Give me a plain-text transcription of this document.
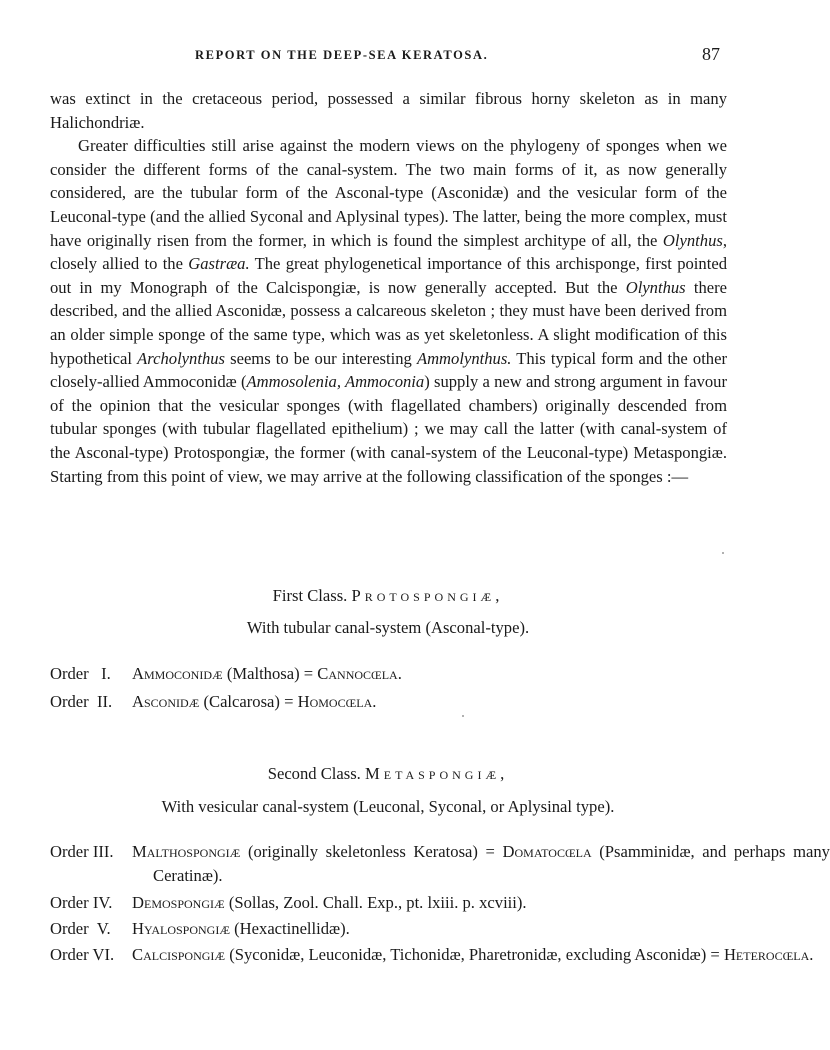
REPORT ON THE DEEP-SEA KERATOSA.	87

was extinct in the cretaceous period, possessed a similar fibrous horny skeleton as in many Halichondriæ.

Greater difficulties still arise against the modern views on the phylogeny of sponges when we consider the different forms of the canal-system. The two main forms of it, as now generally considered, are the tubular form of the Asconal-type (Asconidæ) and the vesicular form of the Leuconal-type (and the allied Syconal and Aplysinal types). The latter, being the more complex, must have originally risen from the former, in which is found the simplest architype of all, the Olynthus, closely allied to the Gastræa. The great phylogenetical importance of this archisponge, first pointed out in my Monograph of the Calcispongiæ, is now generally accepted. But the Olynthus there described, and the allied Asconidæ, possess a calcareous skeleton ; they must have been derived from an older simple sponge of the same type, which was as yet skeletonless. A slight modification of this hypothetical Archolynthus seems to be our interesting Ammolynthus. This typical form and the other closely-allied Ammoconidæ (Ammosolenia, Ammoconia) supply a new and strong argument in favour of the opinion that the vesicular sponges (with flagellated chambers) originally descended from tubular sponges (with tubular flagellated epithelium) ; we may call the latter (with canal-system of the Asconal-type) Protospongiæ, the former (with canal-system of the Leuconal-type) Metaspongiæ. Starting from this point of view, we may arrive at the following classification of the sponges :—

First Class. Protospongiæ,
With tubular canal-system (Asconal-type).
Order   I. Ammoconidæ (Malthosa) = Cannocœla.
Order  II. Asconidæ (Calcarosa) = Homocœla.
Second Class. Metaspongiæ,
With vesicular canal-system (Leuconal, Syconal, or Aplysinal type).
Order III. Malthospongiæ (originally skeletonless Keratosa) = Domatocœla (Psamminidæ, and perhaps many Ceratinæ).
Order IV. Demospongiæ (Sollas, Zool. Chall. Exp., pt. lxiii. p. xcviii).
Order  V. Hyalospongiæ (Hexactinellidæ).
Order VI. Calcispongiæ (Syconidæ, Leuconidæ, Tichonidæ, Pharetronidæ, excluding Asconidæ) = Heterocœla.
